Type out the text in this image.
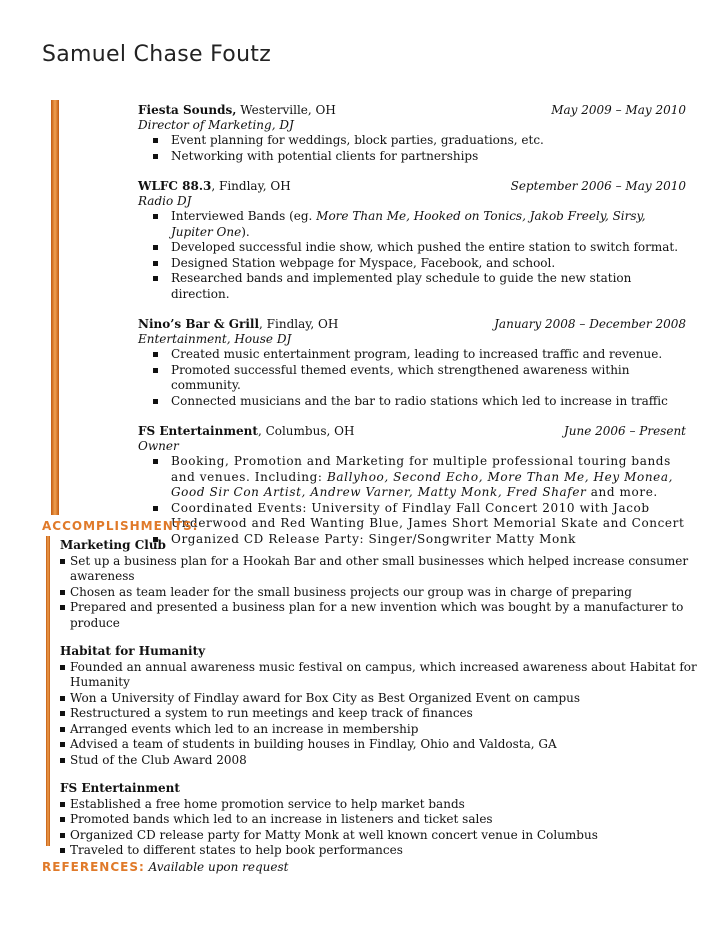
Samuel Chase Foutz
Fiesta Sounds, Westerville, OH	May 2009 – May 2010
Director of Marketing, DJ
Event planning for weddings, block parties, graduations, etc.
Networking with potential clients for partnerships
WLFC 88.3, Findlay, OH	September 2006 – May 2010
Radio DJ
Interviewed Bands (eg. More Than Me, Hooked on Tonics, Jakob Freely, Sirsy, Jupiter One).
Developed successful indie show, which pushed the entire station to switch format.
Designed Station webpage for Myspace, Facebook, and school.
Researched bands and implemented play schedule to guide the new station direction.
Nino’s Bar & Grill, Findlay, OH	January 2008 – December 2008
Entertainment, House DJ
Created music entertainment program, leading to increased traffic and revenue.
Promoted successful themed events, which strengthened awareness within community.
Connected musicians and the bar to radio stations which led to increase in traffic
FS Entertainment, Columbus, OH	June 2006 – Present
Owner
Booking, Promotion and Marketing for multiple professional touring bands and venues. Including: Ballyhoo, Second Echo, More Than Me, Hey Monea, Good Sir Con Artist, Andrew Varner, Matty Monk, Fred Shafer and more.
Coordinated Events: University of Findlay Fall Concert 2010 with Jacob Underwood and Red Wanting Blue, James Short Memorial Skate and Concert
Organized CD Release Party: Singer/Songwriter Matty Monk
ACCOMPLISHMENTS:
Marketing Club
Set up a business plan for a Hookah Bar and other small businesses which helped increase consumer awareness
Chosen as team leader for the small business projects our group was in charge of preparing
Prepared and presented a business plan for a new invention which was bought by a manufacturer to produce
Habitat for Humanity
Founded an annual awareness music festival on campus, which increased awareness about Habitat for Humanity
Won a University of Findlay award for Box City as Best Organized Event on campus
Restructured a system to run meetings and keep track of finances
Arranged events which led to an increase in membership
Advised a team of students in building houses in Findlay, Ohio and Valdosta, GA
Stud of the Club Award 2008
FS Entertainment
Established a free home promotion service to help market bands
Promoted bands which led to an increase in listeners and ticket sales
Organized CD release party for Matty Monk at well known concert venue in Columbus
Traveled to different states to help book performances
REFERENCES: Available upon request
